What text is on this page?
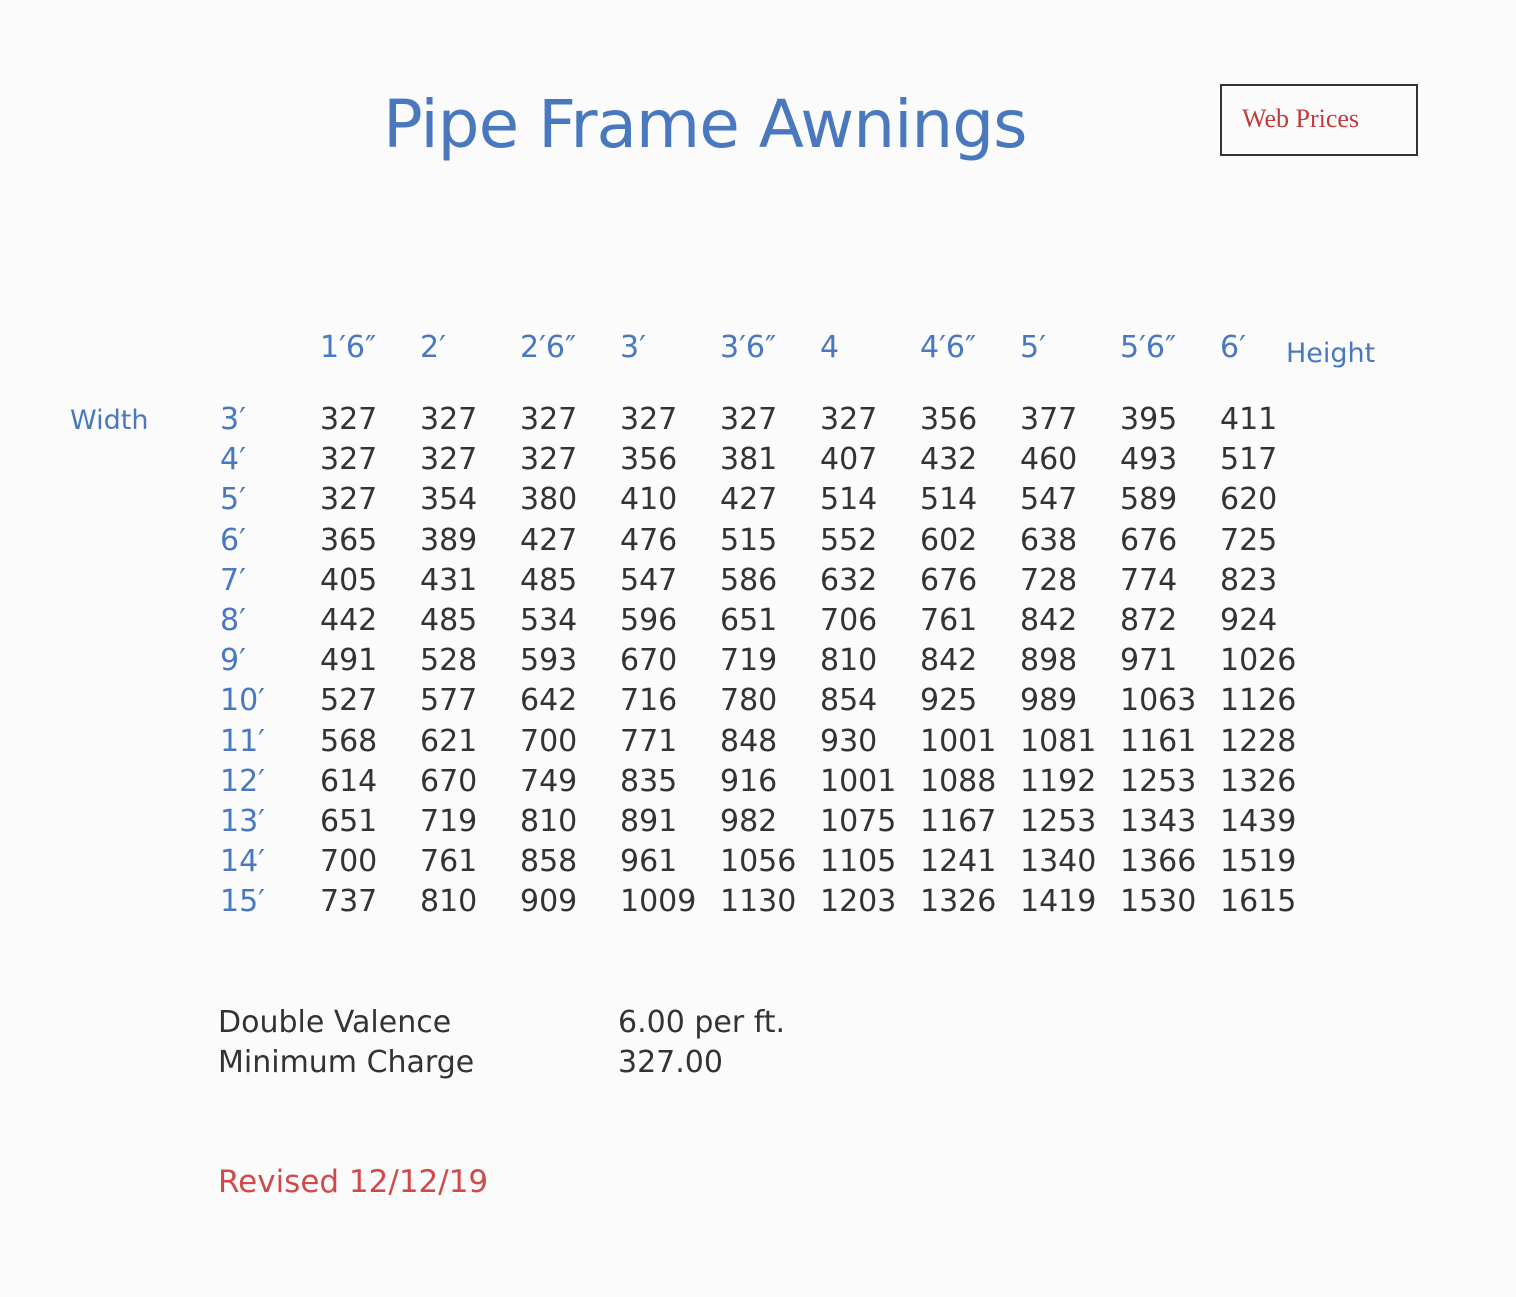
Pipe Frame Awnings	Web Prices
1′6″ 2′ 2′6″ 3′ 3′6″ 4	4′6″ 5′ 5′6″ 6′
3′ 327 327 327 327 327 327 356 377 395 411
4′ 327 327 327 356 381 407 432 460 493 517
5′ 327 354 380 410 427 514 514 547 589 620
6′ 365 389 427 476 515 552 602 638 676 725
7′ 405 431 485 547 586 632 676 728 774 823
8′ 442 485 534 596 651 706 761 842 872 924
9′ 491 528 593 670 719 810 842 898 971 1026
10′ 527 577 642 716 780 854 925 989 1063 1126
11′ 568 621 700 771 848 930 1001 1081 1161 1228
12′ 614 670 749 835 916 1001 1088 1192 1253 1326
13′ 651 719 810 891 982 1075 1167 1253 1343 1439
14′ 700 761 858 961 1056 1105 1241 1340 1366 1519
15′ 737 810 909 1009 1130 1203 1326 1419 1530 1615
Height
Width
Double Valence	6.00 per ft.
Minimum Charge	327.00
Revised 12/12/19
